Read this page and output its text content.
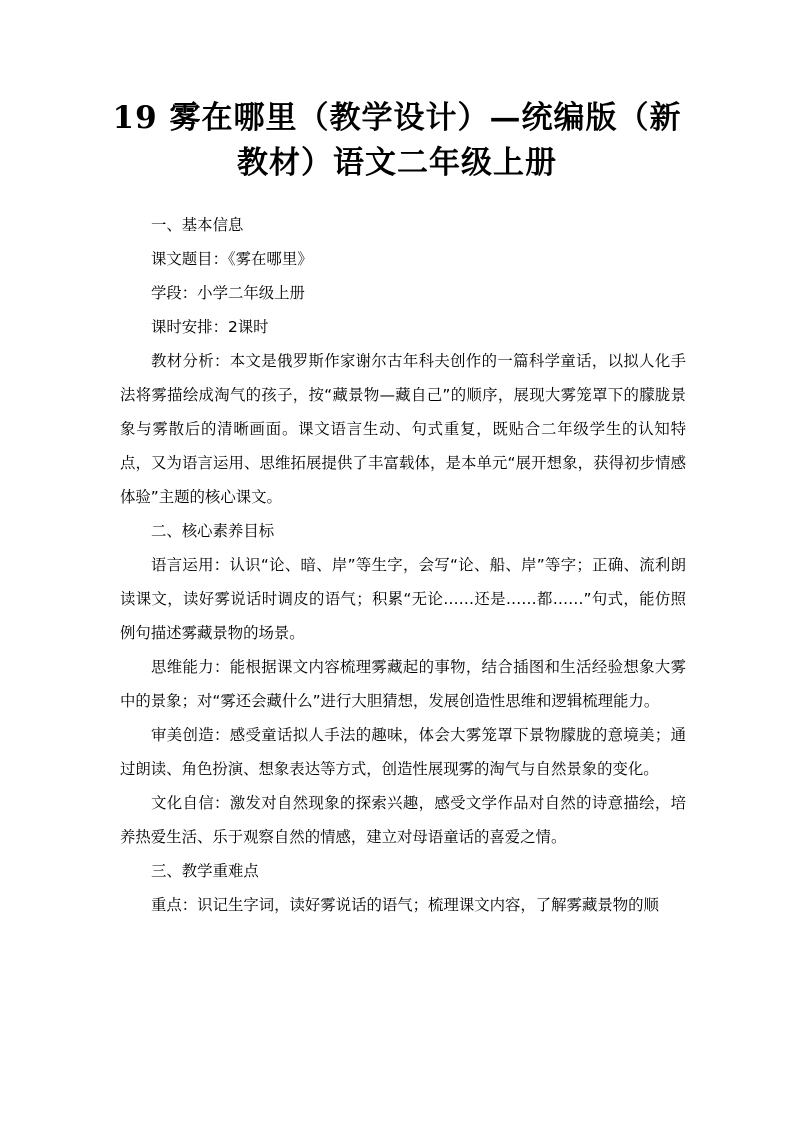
19 雾在哪里（教学设计）—统编版（新教材）语文二年级上册

一、基本信息

课文题目：《雾在哪里》

学段：小学二年级上册

课时安排：2课时

教材分析：本文是俄罗斯作家谢尔古年科夫创作的一篇科学童话，以拟人化手法将雾描绘成淘气的孩子，按“藏景物—藏自己”的顺序，展现大雾笼罩下的朦胧景象与雾散后的清晰画面。课文语言生动、句式重复，既贴合二年级学生的认知特点，又为语言运用、思维拓展提供了丰富载体，是本单元“展开想象，获得初步情感体验”主题的核心课文。

二、核心素养目标

语言运用：认识“论、暗、岸”等生字，会写“论、船、岸”等字；正确、流利朗读课文，读好雾说话时调皮的语气；积累“无论……还是……都……”句式，能仿照例句描述雾藏景物的场景。

思维能力：能根据课文内容梳理雾藏起的事物，结合插图和生活经验想象大雾中的景象；对“雾还会藏什么”进行大胆猜想，发展创造性思维和逻辑梳理能力。

审美创造：感受童话拟人手法的趣味，体会大雾笼罩下景物朦胧的意境美；通过朗读、角色扮演、想象表达等方式，创造性展现雾的淘气与自然景象的变化。

文化自信：激发对自然现象的探索兴趣，感受文学作品对自然的诗意描绘，培养热爱生活、乐于观察自然的情感，建立对母语童话的喜爱之情。

三、教学重难点

重点：识记生字词，读好雾说话的语气；梳理课文内容，了解雾藏景物的顺
